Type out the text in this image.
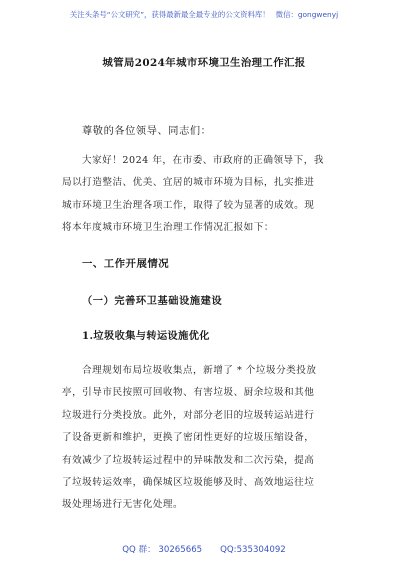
关注头条号“公文研究”，获得最新最全最专业的公文资料库！ 微信：gongwenyj
城管局2024年城市环境卫生治理工作汇报
尊敬的各位领导、同志们：
大家好！2024 年，在市委、市政府的正确领导下，我
局以打造整洁、优美、宜居的城市环境为目标，扎实推进
城市环境卫生治理各项工作，取得了较为显著的成效。现
将本年度城市环境卫生治理工作情况汇报如下：
一、工作开展情况
（一）完善环卫基础设施建设
1.垃圾收集与转运设施优化
合理规划布局垃圾收集点，新增了 * 个垃圾分类投放
亭，引导市民按照可回收物、有害垃圾、厨余垃圾和其他
垃圾进行分类投放。此外，对部分老旧的垃圾转运站进行
了设备更新和维护，更换了密闭性更好的垃圾压缩设备，
有效减少了垃圾转运过程中的异味散发和二次污染，提高
了垃圾转运效率，确保城区垃圾能够及时、高效地运往垃
圾处理场进行无害化处理。
QQ 群： 30265665 QQ:535304092
